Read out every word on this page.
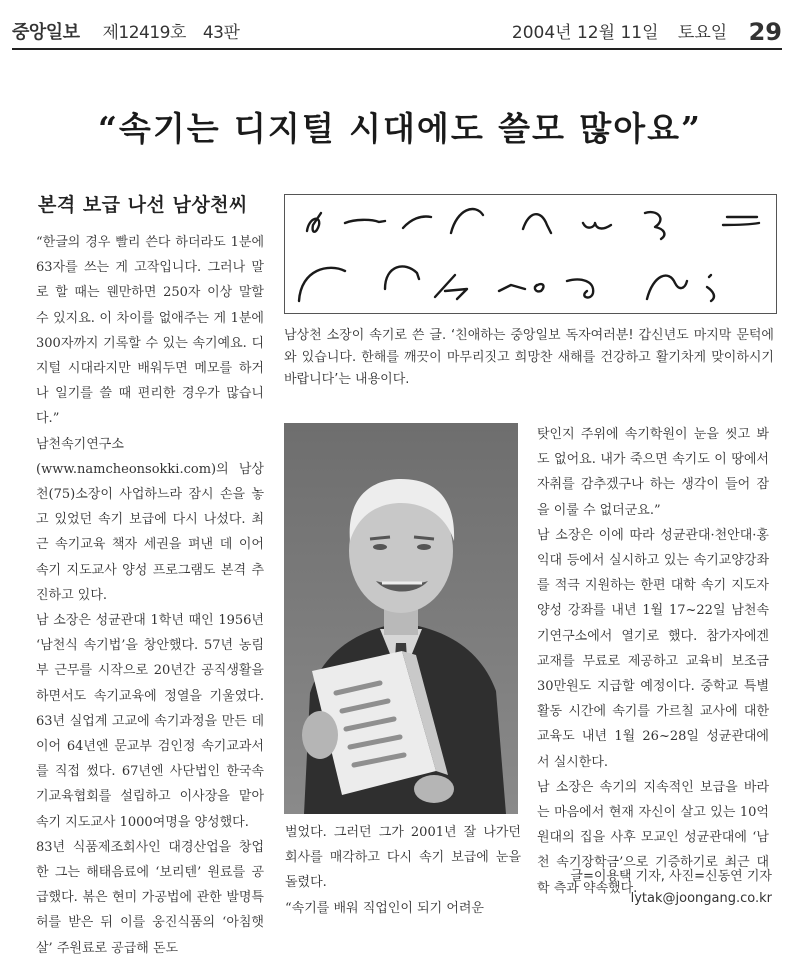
중앙일보 제12419호 43판	2004년 12월 11일 토요일 29
“속기는 디지털 시대에도 쓸모 많아요”
본격 보급 나선 남상천씨

“한글의 경우 빨리 쓴다 하더라도 1분에 63자를 쓰는 게 고작입니다. 그러나 말로 할 때는 웬만하면 250자 이상 말할 수 있지요. 이 차이를 없애주는 게 1분에 300자까지 기록할 수 있는 속기예요. 디지털 시대라지만 배워두면 메모를 하거나 일기를 쓸 때 편리한 경우가 많습니다.”

남천속기연구소(www.namcheonsokki.com)의 남상천(75)소장이 사업하느라 잠시 손을 놓고 있었던 속기 보급에 다시 나섰다. 최근 속기교육 책자 세권을 펴낸 데 이어 속기 지도교사 양성 프로그램도 본격 추진하고 있다.

남 소장은 성균관대 1학년 때인 1956년 ‘남천식 속기법’을 창안했다. 57년 농림부 근무를 시작으로 20년간 공직생활을 하면서도 속기교육에 정열을 기울였다. 63년 실업계 고교에 속기과정을 만든 데 이어 64년엔 문교부 검인정 속기교과서를 직접 썼다. 67년엔 사단법인 한국속기교육협회를 설립하고 이사장을 맡아 속기 지도교사 1000여명을 양성했다.

83년 식품제조회사인 대경산업을 창업한 그는 해태음료에 ‘보리텐’ 원료를 공급했다. 볶은 현미 가공법에 관한 발명특허를 받은 뒤 이를 웅진식품의 ‘아침햇살’ 주원료로 공급해 돈도

남상천 소장이 속기로 쓴 글. ‘친애하는 중앙일보 독자여러분! 갑신년도 마지막 문턱에 와 있습니다. 한해를 깨끗이 마무리짓고 희망찬 새해를 건강하고 활기차게 맞이하시기 바랍니다’는 내용이다.

벌었다. 그러던 그가 2001년 잘 나가던 회사를 매각하고 다시 속기 보급에 눈을 돌렸다.

“속기를 배워 직업인이 되기 어려운

탓인지 주위에 속기학원이 눈을 씻고 봐도 없어요. 내가 죽으면 속기도 이 땅에서 자취를 감추겠구나 하는 생각이 들어 잠을 이룰 수 없더군요.”

남 소장은 이에 따라 성균관대·천안대·홍익대 등에서 실시하고 있는 속기교양강좌를 적극 지원하는 한편 대학 속기 지도자 양성 강좌를 내년 1월 17~22일 남천속기연구소에서 열기로 했다. 참가자에겐 교재를 무료로 제공하고 교육비 보조금 30만원도 지급할 예정이다. 중학교 특별활동 시간에 속기를 가르칠 교사에 대한 교육도 내년 1월 26~28일 성균관대에서 실시한다.

남 소장은 속기의 지속적인 보급을 바라는 마음에서 현재 자신이 살고 있는 10억원대의 집을 사후 모교인 성균관대에 ‘남천 속기장학금’으로 기증하기로 최근 대학 측과 약속했다.

글=이용택 기자, 사진=신동연 기자
lytak@joongang.co.kr
